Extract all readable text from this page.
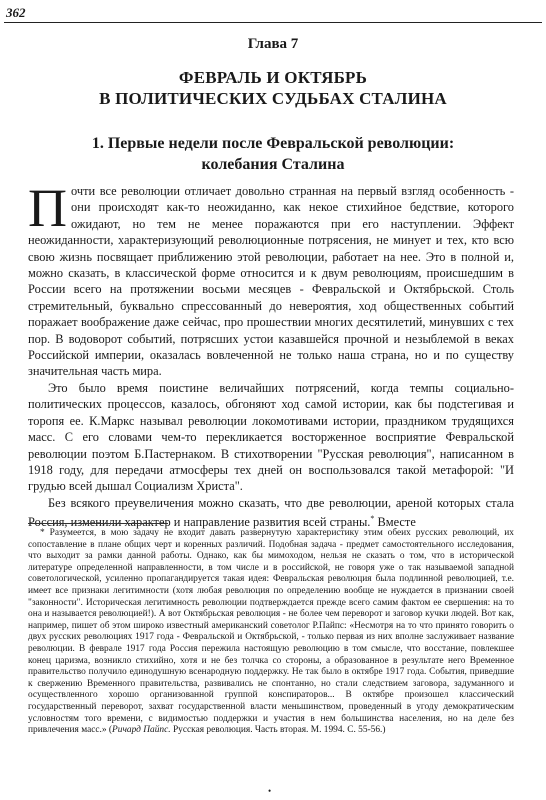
362
Глава 7
ФЕВРАЛЬ И ОКТЯБРЬ
В ПОЛИТИЧЕСКИХ СУДЬБАХ СТАЛИНА
1. Первые недели после Февральской революции:
колебания Сталина

Почти все революции отличает довольно странная на первый взгляд особенность - они происходят как-то неожиданно, как некое стихийное бедствие, которого ожидают, но тем не менее поражаются при его наступлении. Эффект неожиданности, характеризующий революционные потрясения, не минует и тех, кто всю свою жизнь посвящает приближению этой революции, работает на нее. Это в полной и, можно сказать, в классической форме относится и к двум революциям, происшедшим в России всего на протяжении восьми месяцев - Февральской и Октябрьской. Столь стремительный, буквально спрессованный до невероятия, ход общественных событий поражает воображение даже сейчас, про прошествии многих десятилетий, минувших с тех пор. В водоворот событий, потрясших устои казавшейся прочной и незыблемой в веках Российской империи, оказалась вовлеченной не только наша страна, но и по существу значительная часть мира.

Это было время поистине величайших потрясений, когда темпы социально-политических процессов, казалось, обгоняют ход самой истории, как бы подстегивая и торопя ее. К.Маркс называл революции локомотивами истории, праздником трудящихся масс. С его словами чем-то перекликается восторженное восприятие Февральской революции поэтом Б.Пастернаком. В стихотворении "Русская революция", написанном в 1918 году, для передачи атмосферы тех дней он воспользовался такой метафорой: "И грудью всей дышал Социализм Христа".

Без всякого преувеличения можно сказать, что две революции, ареной которых стала Россия, изменили характер и направление развития всей страны.* Вместе

* Разумеется, в мою задачу не входит давать развернутую характеристику этим обеих русских революций, их сопоставление в плане общих черт и коренных различий. Подобная задача - предмет самостоятельного исследования, что выходит за рамки данной работы. Однако, как бы мимоходом, нельзя не сказать о том, что в исторической литературе определенной направленности, в том числе и в российской, не говоря уже о так называемой западной советологической, усиленно пропагандируется такая идея: Февральская революция была подлинной революцией, т.е. имеет все признаки легитимности (хотя любая революция по определению вообще не нуждается в признании своей "законности". Историческая легитимность революции подтверждается прежде всего самим фактом ее свершения: на то она и называется революцией!). А вот Октябрьская революция - не более чем переворот и заговор кучки людей. Вот как, например, пишет об этом широко известный американский советолог Р.Пайпс: «Несмотря на то что принято говорить о двух русских революциях 1917 года - Февральской и Октябрьской, - только первая из них вполне заслуживает название революции. В феврале 1917 года Россия пережила настоящую революцию в том смысле, что восстание, повлекшее конец царизма, возникло стихийно, хотя и не без толчка со стороны, а образованное в результате него Временное правительство получило единодушную всенародную поддержку. Не так было в октябре 1917 года. События, приведшие к свержению Временного правительства, развивались не спонтанно, но стали следствием заговора, задуманного и осуществленного хорошо организованной группой конспираторов... В октябре произошел классический государственный переворот, захват государственной власти меньшинством, проведенный в угоду демократическим условностям того времени, с видимостью поддержки и участия в нем большинства населения, но на деле без привлечения масс.» (Ричард Пайпс. Русская революция. Часть вторая. М. 1994. С. 55-56.)
•
